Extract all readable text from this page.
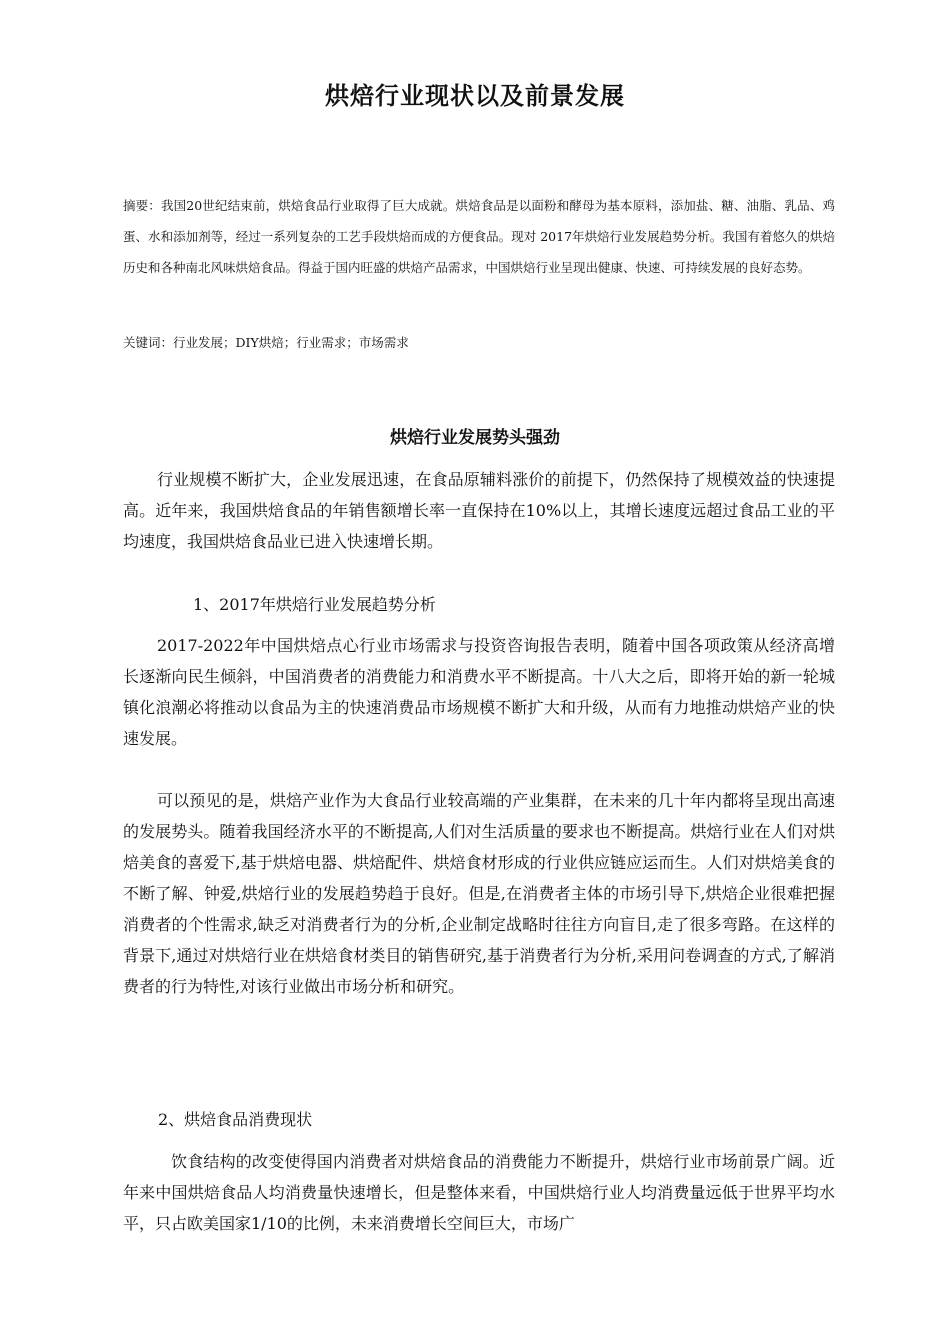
烘焙行业现状以及前景发展

摘要：我国20世纪结束前，烘焙食品行业取得了巨大成就。烘焙食品是以面粉和酵母为基本原料，添加盐、糖、油脂、乳品、鸡蛋、水和添加剂等，经过一系列复杂的工艺手段烘焙而成的方便食品。现对 2017年烘焙行业发展趋势分析。我国有着悠久的烘焙历史和各种南北风味烘焙食品。得益于国内旺盛的烘焙产品需求，中国烘焙行业呈现出健康、快速、可持续发展的良好态势。

关键词：行业发展；DIY烘焙；行业需求；市场需求

烘焙行业发展势头强劲

行业规模不断扩大，企业发展迅速，在食品原辅料涨价的前提下，仍然保持了规模效益的快速提高。近年来，我国烘焙食品的年销售额增长率一直保持在10%以上，其增长速度远超过食品工业的平均速度，我国烘焙食品业已进入快速增长期。

1、2017年烘焙行业发展趋势分析

2017-2022年中国烘焙点心行业市场需求与投资咨询报告表明，随着中国各项政策从经济高增长逐渐向民生倾斜，中国消费者的消费能力和消费水平不断提高。十八大之后，即将开始的新一轮城镇化浪潮必将推动以食品为主的快速消费品市场规模不断扩大和升级，从而有力地推动烘焙产业的快速发展。

可以预见的是，烘焙产业作为大食品行业较高端的产业集群，在未来的几十年内都将呈现出高速的发展势头。随着我国经济水平的不断提高,人们对生活质量的要求也不断提高。烘焙行业在人们对烘焙美食的喜爱下,基于烘焙电器、烘焙配件、烘焙食材形成的行业供应链应运而生。人们对烘焙美食的不断了解、钟爱,烘焙行业的发展趋势趋于良好。但是,在消费者主体的市场引导下,烘焙企业很难把握消费者的个性需求,缺乏对消费者行为的分析,企业制定战略时往往方向盲目,走了很多弯路。在这样的背景下,通过对烘焙行业在烘焙食材类目的销售研究,基于消费者行为分析,采用问卷调查的方式,了解消费者的行为特性,对该行业做出市场分析和研究。

2、烘焙食品消费现状

饮食结构的改变使得国内消费者对烘焙食品的消费能力不断提升，烘焙行业市场前景广阔。近年来中国烘焙食品人均消费量快速增长，但是整体来看，中国烘焙行业人均消费量远低于世界平均水平，只占欧美国家1/10的比例，未来消费增长空间巨大，市场广
